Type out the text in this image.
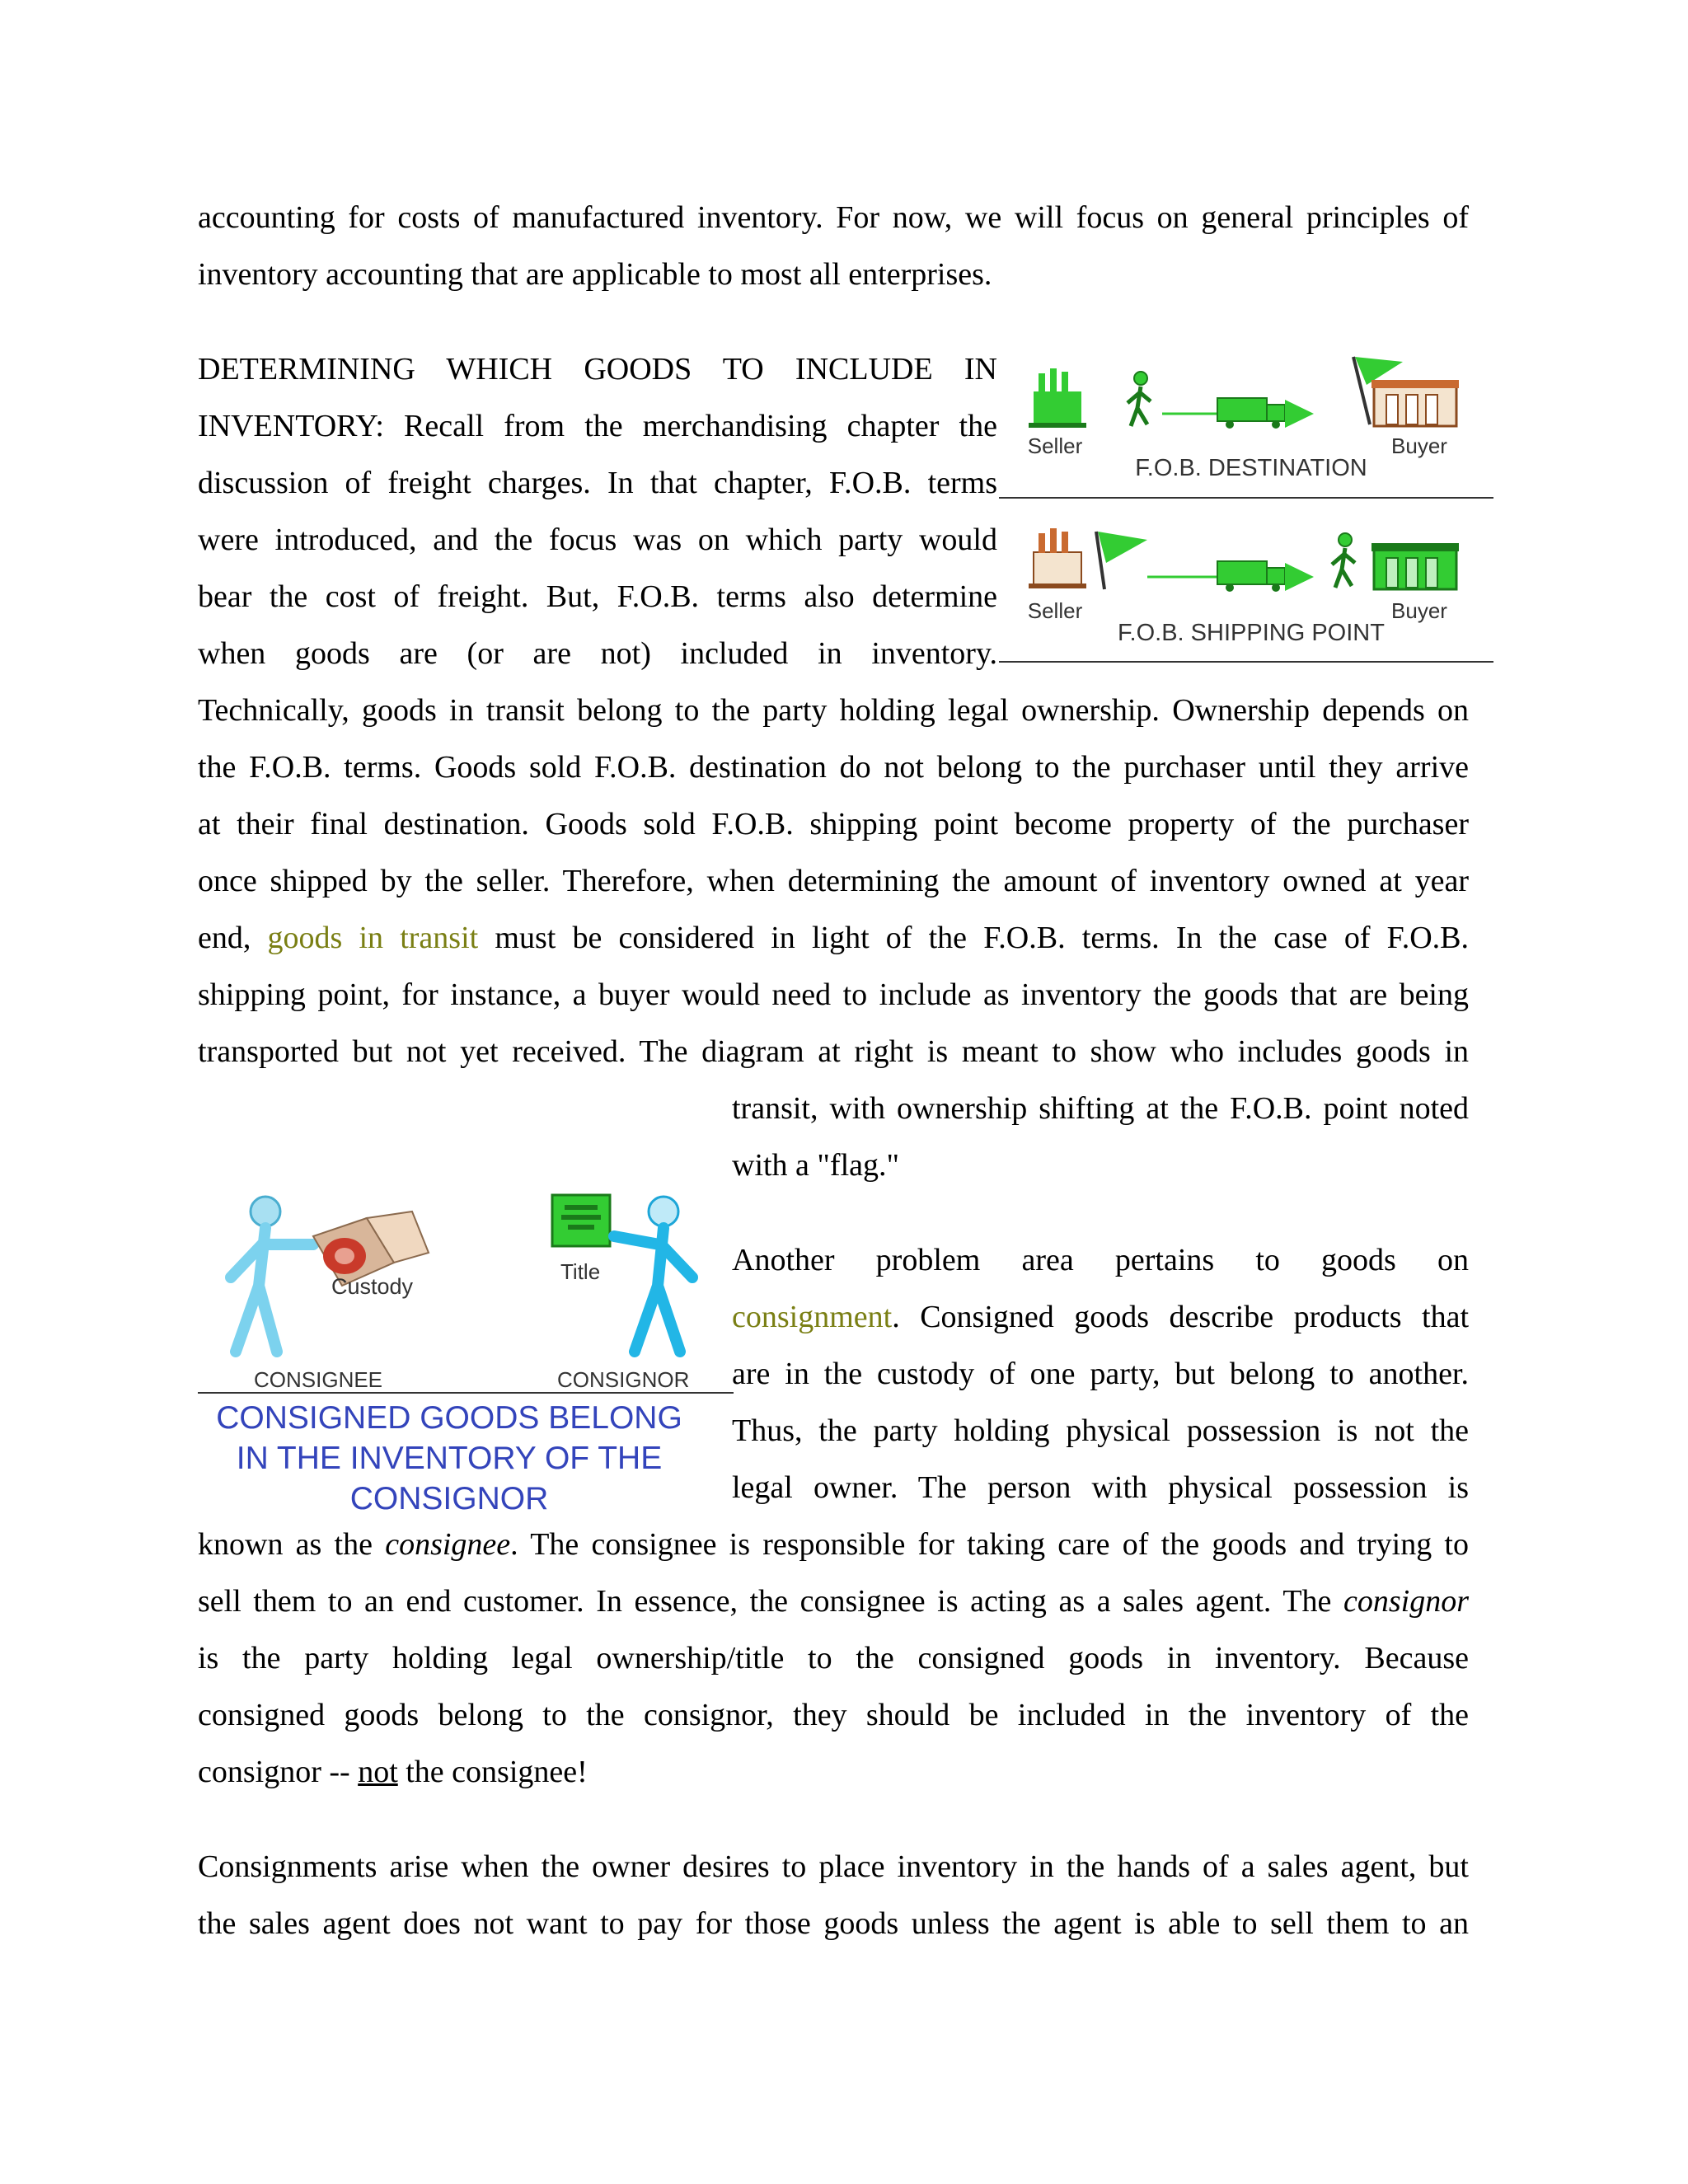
accounting for costs of manufactured inventory. For now, we will focus on general principles of
inventory accounting that are applicable to most all enterprises.
DETERMINING WHICH GOODS TO INCLUDE IN
INVENTORY: Recall from the merchandising chapter the
discussion of freight charges. In that chapter, F.O.B. terms
were introduced, and the focus was on which party would
bear the cost of freight. But, F.O.B. terms also determine
when goods are (or are not) included in inventory.
Technically, goods in transit belong to the party holding legal ownership. Ownership depends on
the F.O.B. terms. Goods sold F.O.B. destination do not belong to the purchaser until they arrive
at their final destination. Goods sold F.O.B. shipping point become property of the purchaser
once shipped by the seller. Therefore, when determining the amount of inventory owned at year
end, goods in transit must be considered in light of the F.O.B. terms. In the case of F.O.B.
shipping point, for instance, a buyer would need to include as inventory the goods that are being
transported but not yet received. The diagram at right is meant to show who includes goods in
transit, with ownership shifting at the F.O.B. point noted
with a "flag."
Another problem area pertains to goods on
consignment. Consigned goods describe products that
are in the custody of one party, but belong to another.
Thus, the party holding physical possession is not the
legal owner. The person with physical possession is
known as the consignee. The consignee is responsible for taking care of the goods and trying to
sell them to an end customer. In essence, the consignee is acting as a sales agent. The consignor
is the party holding legal ownership/title to the consigned goods in inventory. Because
consigned goods belong to the consignor, they should be included in the inventory of the
consignor -- not the consignee!
Consignments arise when the owner desires to place inventory in the hands of a sales agent, but
the sales agent does not want to pay for those goods unless the agent is able to sell them to an
Seller	Buyer
F.O.B. DESTINATION
Seller	Buyer
F.O.B. SHIPPING POINT
Custody
Title
CONSIGNEE	CONSIGNOR
CONSIGNED GOODS BELONG
IN THE INVENTORY OF THE
CONSIGNOR
